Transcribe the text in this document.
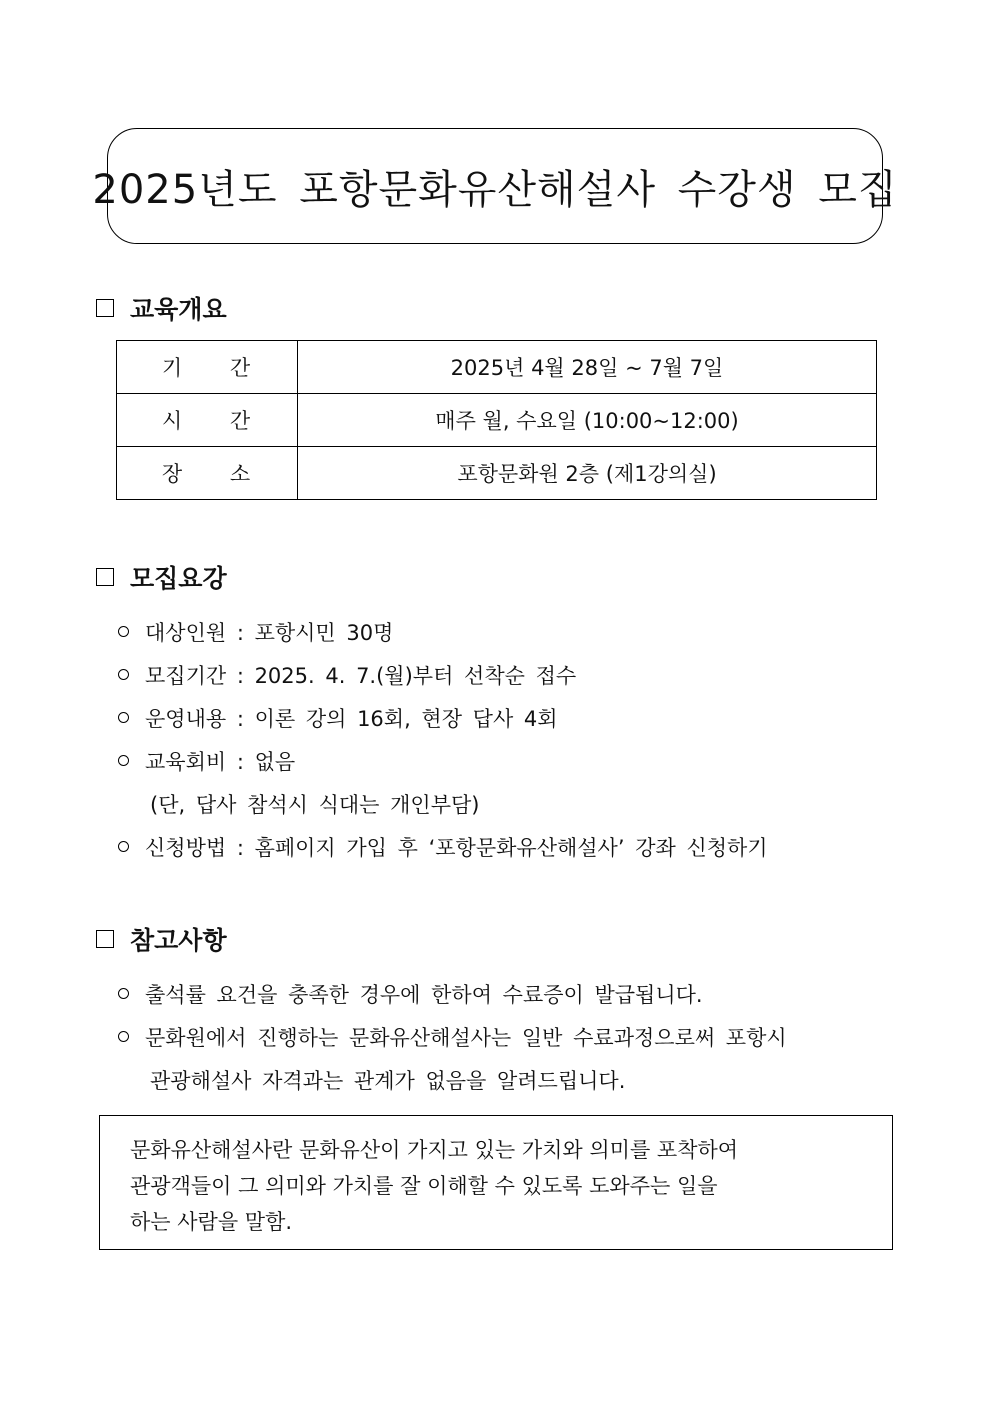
2025년도 포항문화유산해설사 수강생 모집
교육개요
기 간	2025년 4월 28일 ~ 7월 7일
시 간	매주 월, 수요일 (10:00~12:00)
장 소	포항문화원 2층 (제1강의실)
모집요강
대상인원 : 포항시민 30명
모집기간 : 2025. 4. 7.(월)부터 선착순 접수
운영내용 : 이론 강의 16회, 현장 답사 4회
교육회비 : 없음
(단, 답사 참석시 식대는 개인부담)
신청방법 : 홈페이지 가입 후 ‘포항문화유산해설사’ 강좌 신청하기
참고사항
출석률 요건을 충족한 경우에 한하여 수료증이 발급됩니다.
문화원에서 진행하는 문화유산해설사는 일반 수료과정으로써 포항시
관광해설사 자격과는 관계가 없음을 알려드립니다.

문화유산해설사란 문화유산이 가지고 있는 가치와 의미를 포착하여

관광객들이 그 의미와 가치를 잘 이해할 수 있도록 도와주는 일을

하는 사람을 말함.
